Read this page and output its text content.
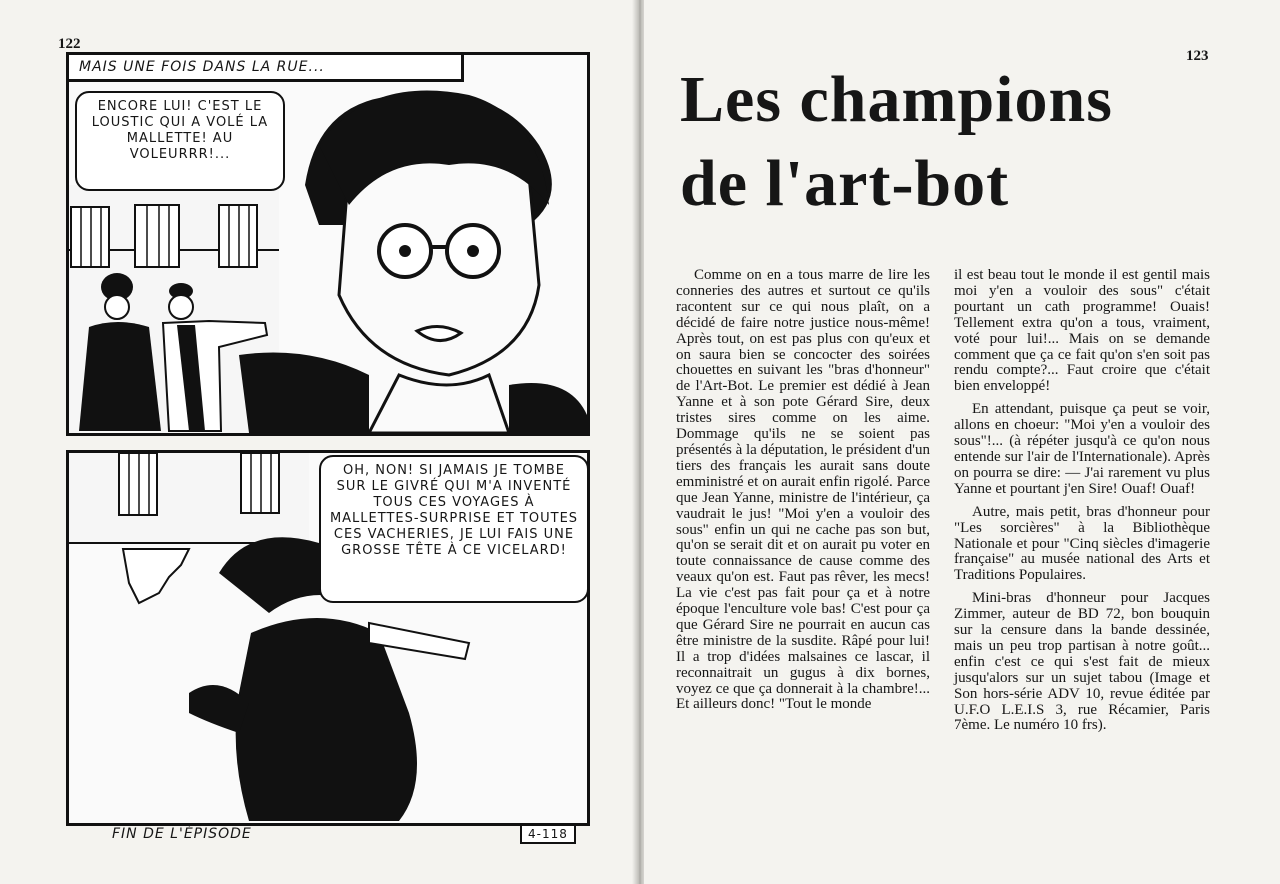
122
MAIS UNE FOIS DANS LA RUE...
ENCORE LUI! C'EST LE LOUSTIC QUI A VOLÉ LA MALLETTE! AU VOLEURRR!...
OH, NON! SI JAMAIS JE TOMBE SUR LE GIVRÉ QUI M'A INVENTÉ TOUS CES VOYAGES À MALLETTES-SURPRISE ET TOUTES CES VACHERIES, JE LUI FAIS UNE GROSSE TÊTE À CE VICELARD!
FIN DE L'ÉPISODE	4-118
123
Les champions
de l'art-bot

Comme on en a tous marre de lire les conneries des autres et surtout ce qu'ils racontent sur ce qui nous plaît, on a décidé de faire notre justice nous-même! Après tout, on est pas plus con qu'eux et on saura bien se concocter des soirées chouettes en suivant les "bras d'honneur" de l'Art-Bot. Le premier est dédié à Jean Yanne et à son pote Gérard Sire, deux tristes sires comme on les aime. Dommage qu'ils ne se soient pas présentés à la députation, le président d'un tiers des français les aurait sans doute emministré et on aurait enfin rigolé. Parce que Jean Yanne, ministre de l'intérieur, ça vaudrait le jus! "Moi y'en a vouloir des sous" enfin un qui ne cache pas son but, qu'on se serait dit et on aurait pu voter en toute connaissance de cause comme des veaux qu'on est. Faut pas rêver, les mecs! La vie c'est pas fait pour ça et à notre époque l'enculture vole bas! C'est pour ça que Gérard Sire ne pourrait en aucun cas être ministre de la susdite. Râpé pour lui! Il a trop d'idées malsaines ce lascar, il reconnaitrait un gugus à dix bornes, voyez ce que ça donnerait à la chambre!... Et ailleurs donc! "Tout le monde

il est beau tout le monde il est gentil mais moi y'en a vouloir des sous" c'était pourtant un cath programme! Ouais! Tellement extra qu'on a tous, vraiment, voté pour lui!... Mais on se demande comment que ça ce fait qu'on s'en soit pas rendu compte?... Faut croire que c'était bien enveloppé!

En attendant, puisque ça peut se voir, allons en choeur: "Moi y'en a vouloir des sous"!... (à répéter jusqu'à ce qu'on nous entende sur l'air de l'Internationale). Après on pourra se dire: — J'ai rarement vu plus Yanne et pourtant j'en Sire! Ouaf! Ouaf!

Autre, mais petit, bras d'honneur pour "Les sorcières" à la Bibliothèque Nationale et pour "Cinq siècles d'imagerie française" au musée national des Arts et Traditions Populaires.

Mini-bras d'honneur pour Jacques Zimmer, auteur de BD 72, bon bouquin sur la censure dans la bande dessinée, mais un peu trop partisan à notre goût... enfin c'est ce qui s'est fait de mieux jusqu'alors sur un sujet tabou (Image et Son hors-série ADV 10, revue éditée par U.F.O L.E.I.S 3, rue Récamier, Paris 7ème. Le numéro 10 frs).
